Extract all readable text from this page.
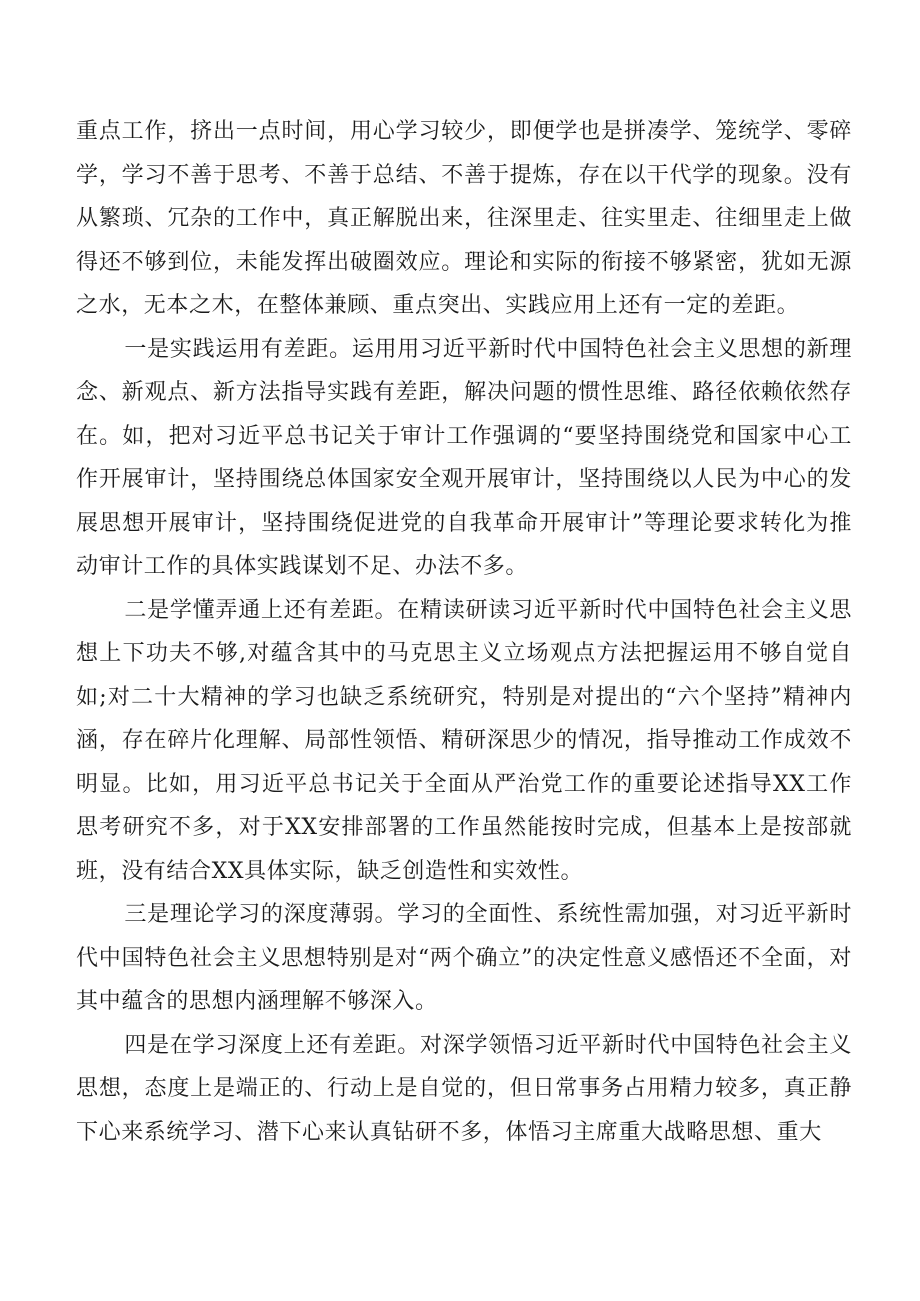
重点工作，挤出一点时间，用心学习较少，即便学也是拼凑学、笼统学、零碎学，学习不善于思考、不善于总结、不善于提炼，存在以干代学的现象。没有从繁琐、冗杂的工作中，真正解脱出来，往深里走、往实里走、往细里走上做得还不够到位，未能发挥出破圈效应。理论和实际的衔接不够紧密，犹如无源之水，无本之木，在整体兼顾、重点突出、实践应用上还有一定的差距。

一是实践运用有差距。运用用习近平新时代中国特色社会主义思想的新理念、新观点、新方法指导实践有差距，解决问题的惯性思维、路径依赖依然存在。如，把对习近平总书记关于审计工作强调的“要坚持围绕党和国家中心工作开展审计，坚持围绕总体国家安全观开展审计，坚持围绕以人民为中心的发展思想开展审计，坚持围绕促进党的自我革命开展审计”等理论要求转化为推动审计工作的具体实践谋划不足、办法不多。

二是学懂弄通上还有差距。在精读研读习近平新时代中国特色社会主义思想上下功夫不够,对蕴含其中的马克思主义立场观点方法把握运用不够自觉自如;对二十大精神的学习也缺乏系统研究，特别是对提出的“六个坚持”精神内涵，存在碎片化理解、局部性领悟、精研深思少的情况，指导推动工作成效不明显。比如，用习近平总书记关于全面从严治党工作的重要论述指导XX工作思考研究不多，对于XX安排部署的工作虽然能按时完成，但基本上是按部就班，没有结合XX具体实际，缺乏创造性和实效性。

三是理论学习的深度薄弱。学习的全面性、系统性需加强，对习近平新时代中国特色社会主义思想特别是对“两个确立”的决定性意义感悟还不全面，对其中蕴含的思想内涵理解不够深入。

四是在学习深度上还有差距。对深学领悟习近平新时代中国特色社会主义思想，态度上是端正的、行动上是自觉的，但日常事务占用精力较多，真正静下心来系统学习、潜下心来认真钻研不多，体悟习主席重大战略思想、重大
